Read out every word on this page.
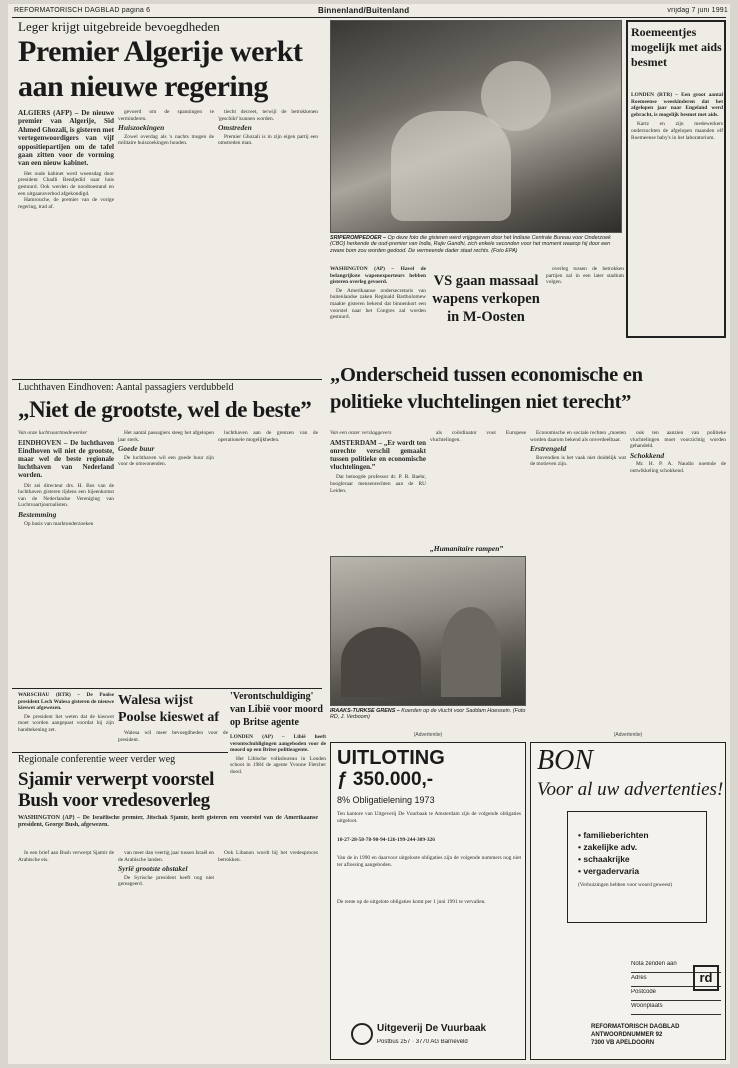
REFORMATORISCH DAGBLAD pagina 6	Binnenland/Buitenland	vrijdag 7 juni 1991
Leger krijgt uitgebreide bevoegdheden
Premier Algerije werkt
aan nieuwe regering

ALGIERS (AFP) – De nieuwe premier van Algerije, Sid Ahmed Ghozali, is gisteren met vertegenwoordigers van vijf oppositiepartijen om de tafel gaan zitten voor de vorming van een nieuw kabinet.

Het oude kabinet werd woensdag door president Chadli Bendjedid naar huis gestuurd. Ook werden de noodtoestand en een uitgaansverbod afgekondigd.

Hamrouche, de premier van de vorige regering, trad af.

gevoerd om de spanningen te verminderen.

Huiszoekingen

Zowel overdag als 's nachts mogen de militaire huiszoekingen houden.

tiecht decreet, terwijl de betrokkenen 'geschikt' kunnen worden.

Omstreden

Premier Ghozali is in zijn eigen partij een omstreden man.

SRIPEROMPEDOER – Op deze foto die gisteren werd vrijgegeven door het Indiase Centrale Bureau voor Onderzoek (CBO) herkende de oud-premier van India, Rajiv Gandhi, zich enkele seconden voor het moment waarop hij door een zware bom zou worden gedood. De vermeende dader staat rechts. (Foto EPA)
Roemeentjes mogelijk met aids besmet

LONDEN (RTR) – Een groot aantal Roemeense weeskinderen dat het afgelopen jaar naar Engeland werd gebracht, is mogelijk besmet met aids.

Kartz en zijn medewerkers onderzochten de afgelopen maanden elf Roemeense baby's in het laboratorium.

WASHINGTON (AP) – Havel de belangrijkste wapenexporteurs hebben gisteren overleg gevoerd.

De Amerikaanse ondersecretaris van buitenlandse zaken Reginald Bartholomew maakte gisteren bekend dat binnenkort een voorstel naar het Congres zal worden gestuurd.

VS gaan massaal
wapens verkopen
in M-Oosten

overleg tussen de betrokken partijen zal in een later stadium volgen.

Luchthaven Eindhoven: Aantal passagiers verdubbeld
„Niet de grootste, wel de beste”

Van onze luchtvaartmedewerker

EINDHOVEN – De luchthaven Eindhoven wil niet de grootste, maar wel de beste regionale luchthaven van Nederland worden.

Dit zei directeur drs. H. Bos van de luchthaven gisteren tijdens een bijeenkomst van de Nederlandse Vereniging van Luchtvaartjournalisten.

Bestemming

Op basis van marktonderzoeken

Het aantal passagiers steeg het afgelopen jaar sterk.

Goede buur

De luchthaven wil een goede buur zijn voor de omwonenden.

luchthaven aan de grenzen van de operationele mogelijkheden.

„Onderscheid tussen economische en
politieke vluchtelingen niet terecht”

Van een onzer verslaggevers

AMSTERDAM – „Er wordt ten onrechte verschil gemaakt tussen politieke en economische vluchtelingen.”

Dat betoogde professor dr. P. R. Baehr, hoogleraar mensenrechten aan de RU Leiden.

als coördinator voor Europese vluchtelingen.

Economische en sociale rechten „moeten worden daarom bekend als onverdeelbaar.

Erstrengeld

Bovendien is het vaak niet duidelijk wat de motieven zijn.

ook ten aanzien van politieke vluchtelingen moet voorzichtig worden gehandeld.

Schokkend

Mr. H. P. A. Naudin noemde de ontwikkeling schokkend.

IRAAKS-TURKSE GRENS – Koerden op de vlucht voor Saddam Hoessein. (Foto RD, J. Verboom)
„Humanitaire rampen”

WARSCHAU (RTR) – De Poolse president Lech Walesa gisteren de nieuwe kieswet afgewezen.

De president liet weten dat de kieswet moet worden aangepast voordat hij zijn handtekening zet.

Walesa wijst
Poolse kieswet af

Walesa wil meer bevoegdheden voor de president.

'Verontschuldiging'
van Libië voor moord
op Britse agente

LONDEN (AP) – Libië heeft verontschuldigingen aangeboden voor de moord op een Britse politieagente.

Het Libische volksbureau in Londen schoot in 1984 de agente Yvonne Fletcher dood.

Regionale conferentie weer verder weg
Sjamir verwerpt voorstel
Bush voor vredesoverleg

WASHINGTON (AP) – De Israëlische premier, Jitschak Sjamir, heeft gisteren een voorstel van de Amerikaanse president, George Bush, afgewezen.

In een brief aan Bush verwerpt Sjamir de Arabische eis.

van meer dan veertig jaar tussen Israël en de Arabische landen.

Syrië grootste obstakel

De Syrische president heeft nog niet gereageerd.

Ook Libanon wordt bij het vredesproces betrokken.

(Advertentie)
UITLOTING
ƒ 350.000,-
8% Obligatielening 1973
Ten kantore van Uitgeverij De Vuurbaak te Amsterdam zijn de volgende obligaties uitgeloot.
10-27-28-58-78-90-94-126-199-244-309-326
Van de in 1990 en daarvoor uitgeloste obligaties zijn de volgende nummers nog niet ter aflossing aangeboden.
De rente op de uitgelote obligaties komt per 1 juni 1991 te vervallen.
Uitgeverij De Vuurbaak
Postbus 257 · 3770 AG Barneveld
(Advertentie)
BON
Voor al uw advertenties!
• familieberichten
• zakelijke adv.
• schaakrijke
• vergadervaria
(Verhuizingen hebben voor woord geweest)
Nota zenden aan
Adres
Postcode
Woonplaats
REFORMATORISCH DAGBLAD
ANTWOORDNUMMER 92
7300 VB APELDOORN
rd
